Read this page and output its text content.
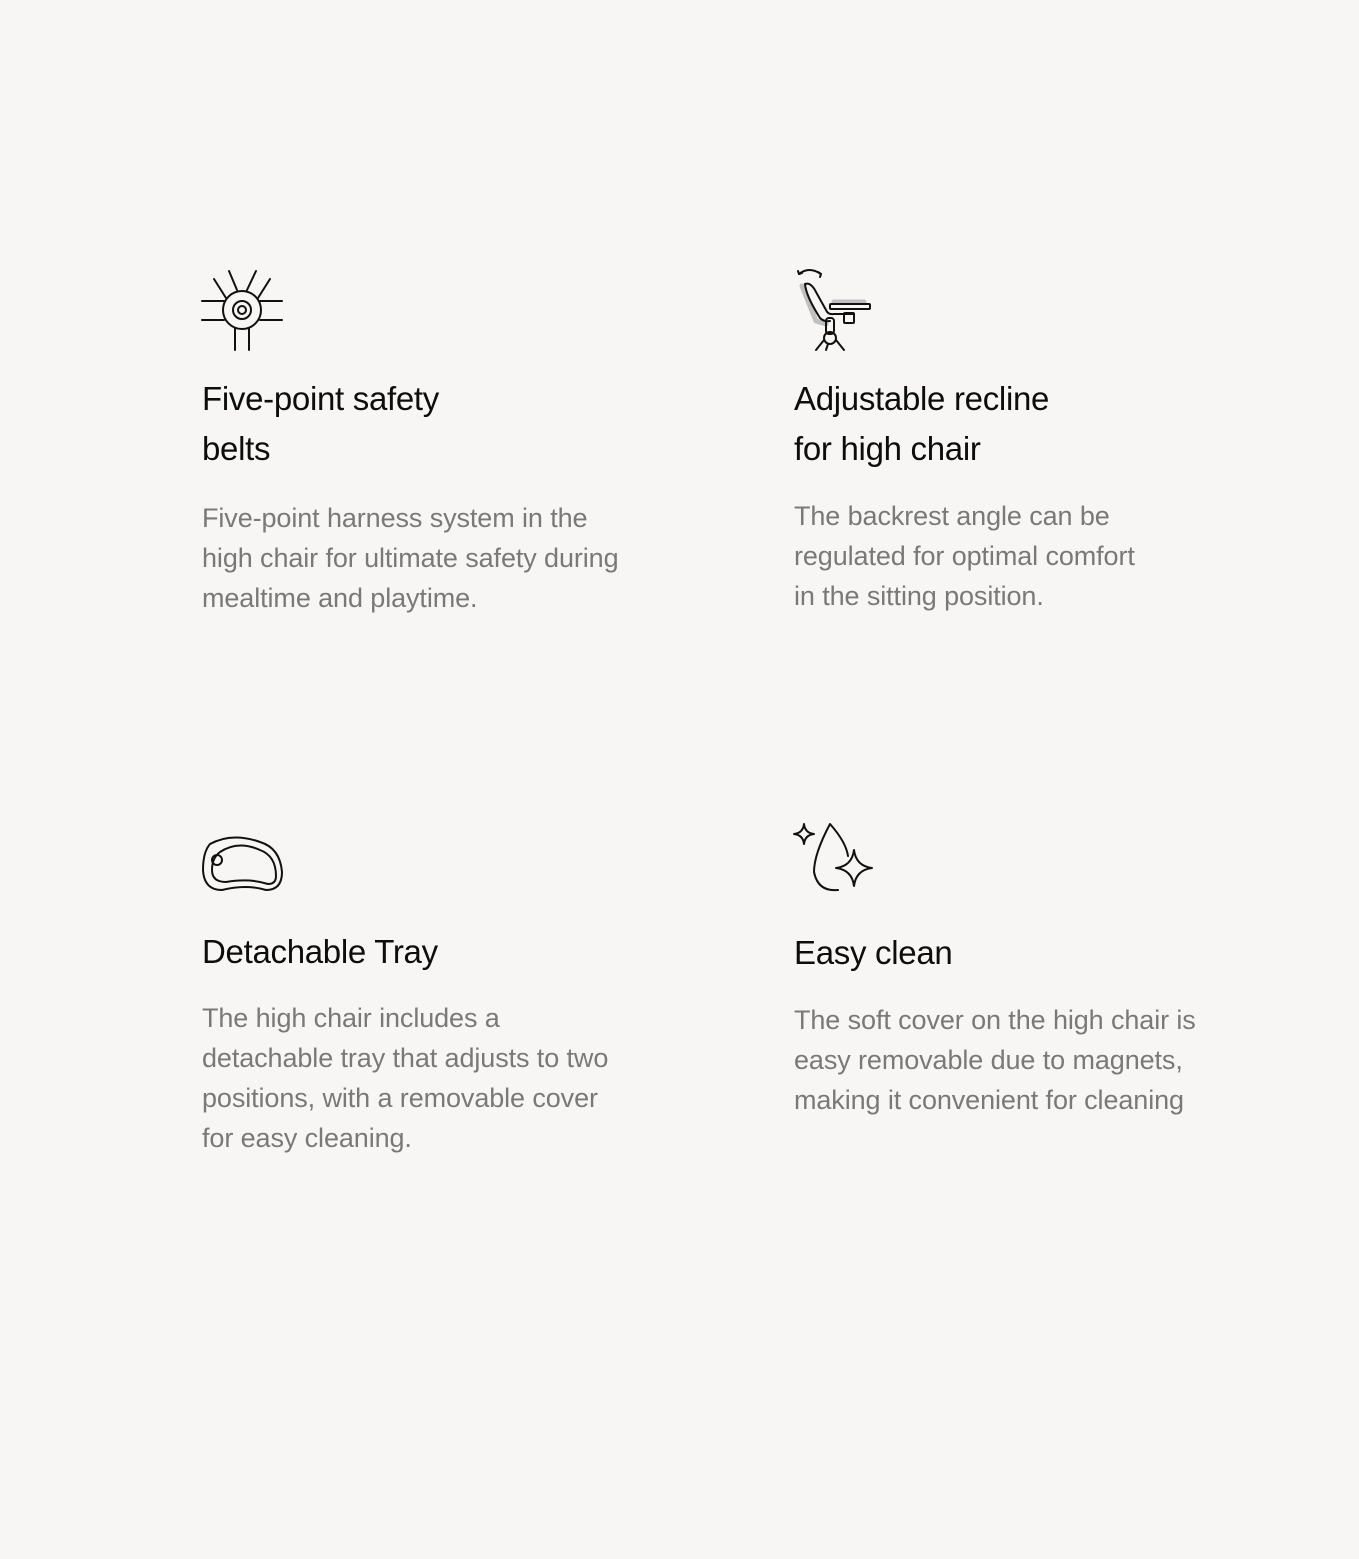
Five-point safety belts

Five-point harness system in the high chair for ultimate safety during mealtime and playtime.

Adjustable recline for high chair

The backrest angle can be regulated for optimal comfort in the sitting position.

Detachable Tray

The high chair includes a detachable tray that adjusts to two positions, with a removable cover for easy cleaning.

Easy clean

The soft cover on the high chair is easy removable due to magnets, making it convenient for cleaning
